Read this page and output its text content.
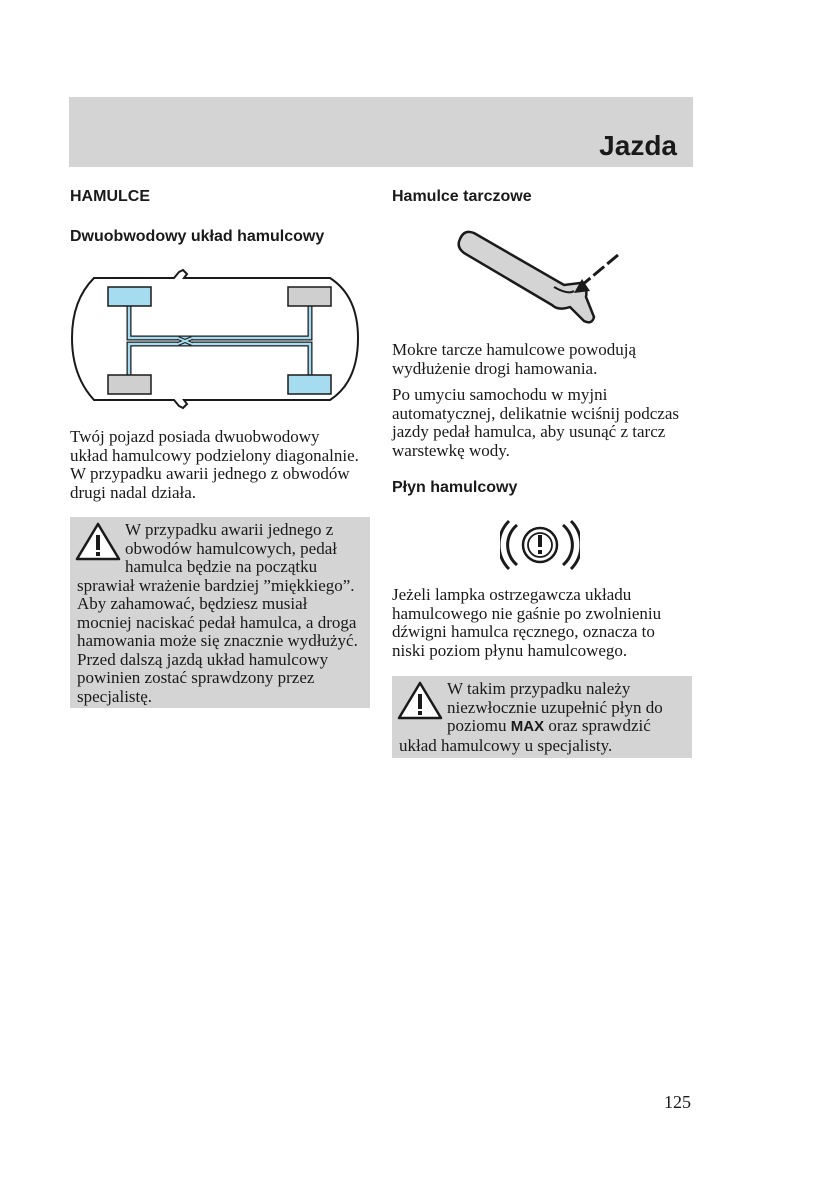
Jazda

HAMULCE

Dwuobwodowy układ hamulcowy

Twój pojazd posiada dwuobwodowy układ hamulcowy podzielony diagonalnie. W przypadku awarii jednego z obwodów drugi nadal działa.

W przypadku awarii jednego z obwodów hamulcowych, pedał hamulca będzie na początku sprawiał wrażenie bardziej ”miękkiego”. Aby zahamować, będziesz musiał mocniej naciskać pedał hamulca, a droga hamowania może się znacznie wydłużyć. Przed dalszą jazdą układ hamulcowy powinien zostać sprawdzony przez specjalistę.

Hamulce tarczowe

Mokre tarcze hamulcowe powodują wydłużenie drogi hamowania.

Po umyciu samochodu w myjni automatycznej, delikatnie wciśnij podczas jazdy pedał hamulca, aby usunąć z tarcz warstewkę wody.

Płyn hamulcowy

Jeżeli lampka ostrzegawcza układu hamulcowego nie gaśnie po zwolnieniu dźwigni hamulca ręcznego, oznacza to niski poziom płynu hamulcowego.

W takim przypadku należy niezwłocznie uzupełnić płyn do poziomu MAX oraz sprawdzić układ hamulcowy u specjalisty.

125
